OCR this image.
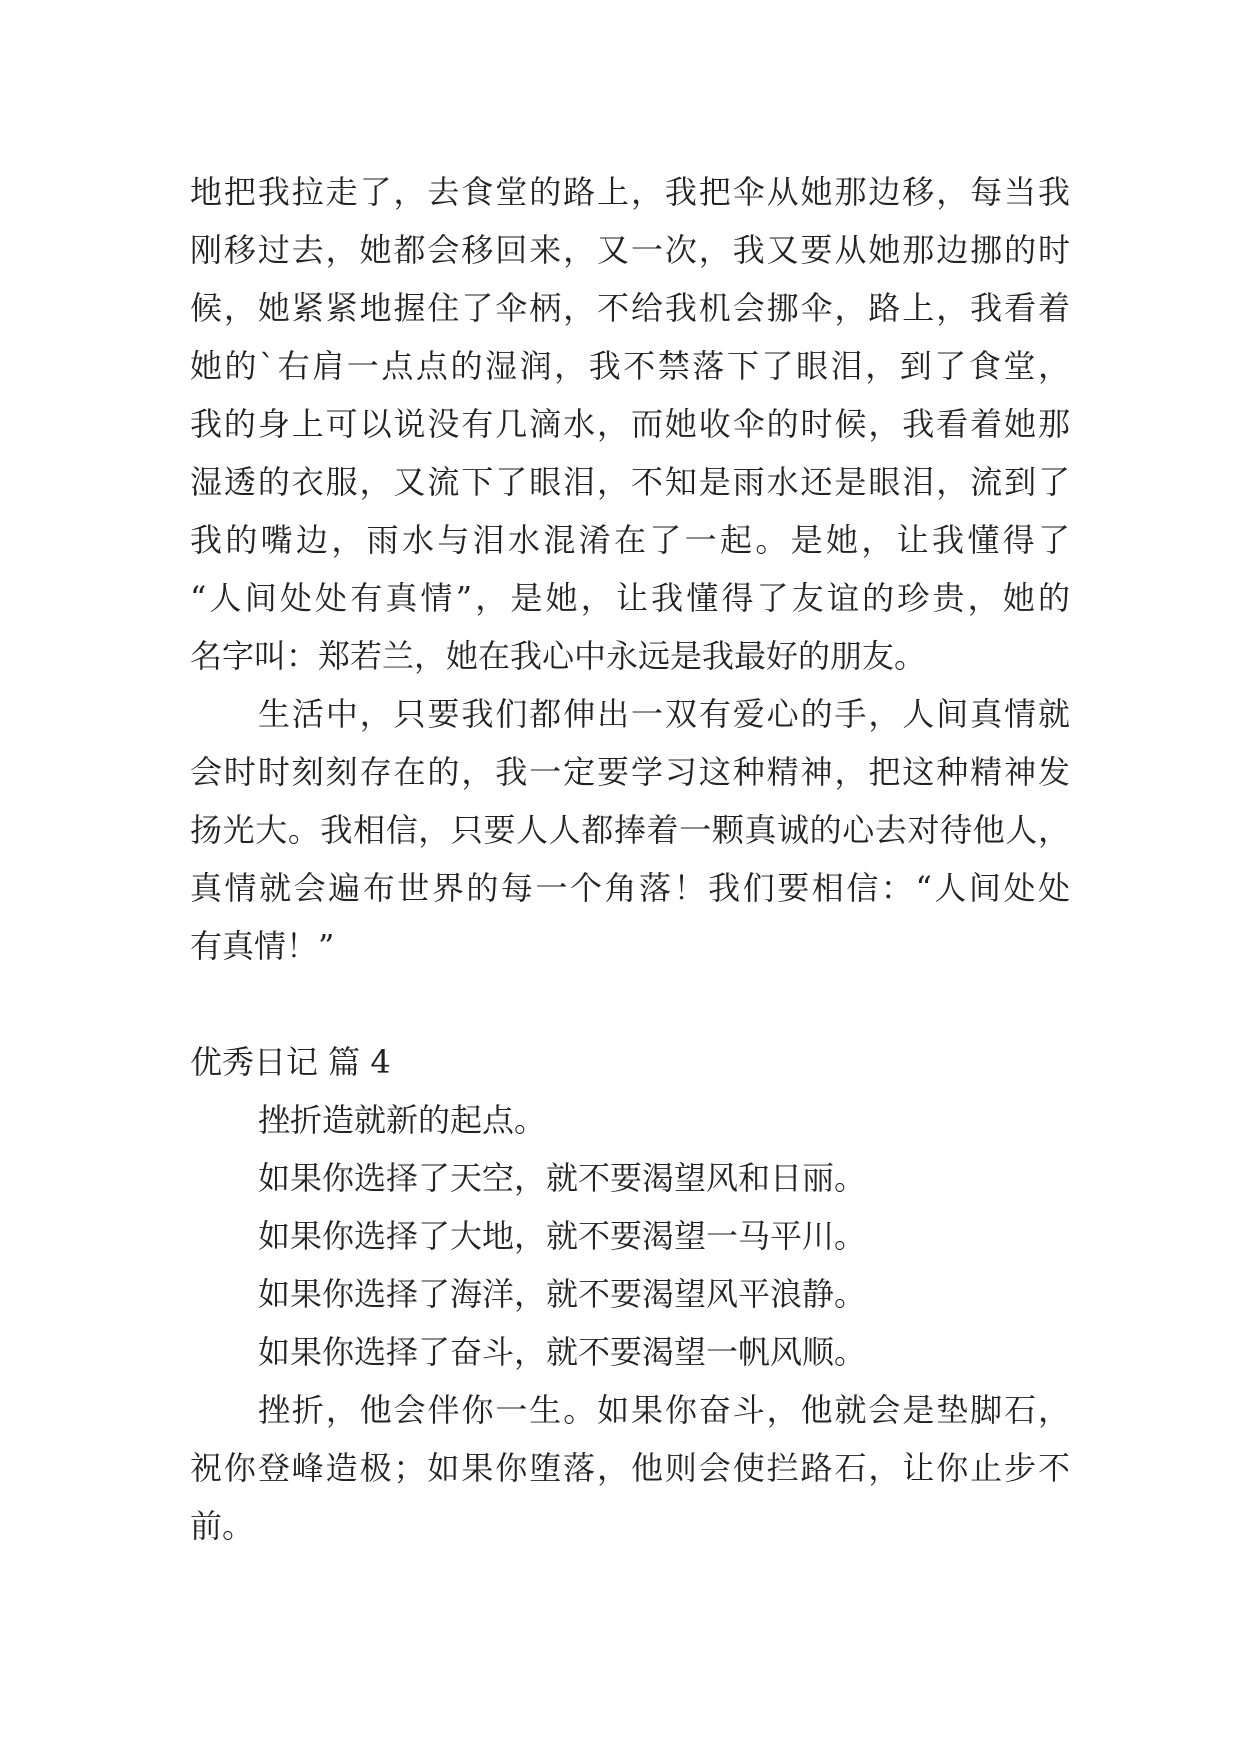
地把我拉走了，去食堂的路上，我把伞从她那边移，每当我
刚移过去，她都会移回来，又一次，我又要从她那边挪的时
候，她紧紧地握住了伞柄，不给我机会挪伞，路上，我看着
她的`右肩一点点的湿润，我不禁落下了眼泪，到了食堂，
我的身上可以说没有几滴水，而她收伞的时候，我看着她那
湿透的衣服，又流下了眼泪，不知是雨水还是眼泪，流到了
我的嘴边，雨水与泪水混淆在了一起。是她，让我懂得了
“人间处处有真情”，是她，让我懂得了友谊的珍贵，她的
名字叫：郑若兰，她在我心中永远是我最好的朋友。
生活中，只要我们都伸出一双有爱心的手，人间真情就
会时时刻刻存在的，我一定要学习这种精神，把这种精神发
扬光大。我相信，只要人人都捧着一颗真诚的心去对待他人，
真情就会遍布世界的每一个角落！我们要相信：“人间处处
有真情！”
优秀日记 篇 4
挫折造就新的起点。
如果你选择了天空，就不要渴望风和日丽。
如果你选择了大地，就不要渴望一马平川。
如果你选择了海洋，就不要渴望风平浪静。
如果你选择了奋斗，就不要渴望一帆风顺。
挫折，他会伴你一生。如果你奋斗，他就会是垫脚石，
祝你登峰造极；如果你堕落，他则会使拦路石，让你止步不
前。
